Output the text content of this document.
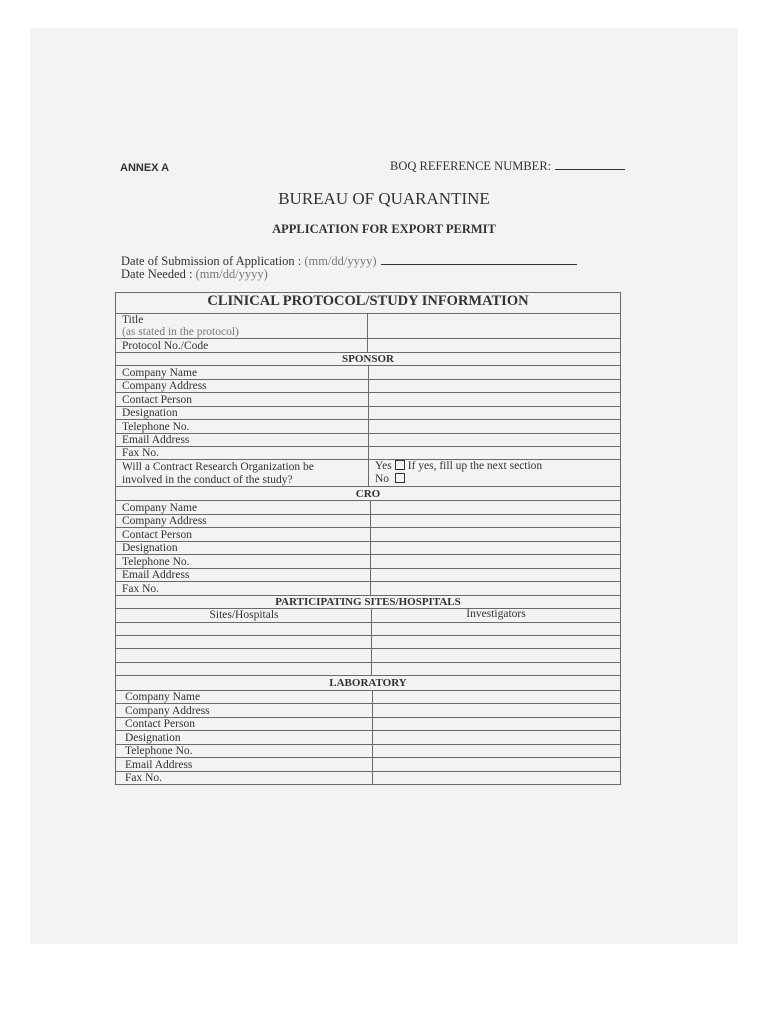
ANNEX A	BOQ REFERENCE NUMBER:
BUREAU OF QUARANTINE
APPLICATION FOR EXPORT PERMIT
Date of Submission of Application : (mm/dd/yyyy)
Date Needed : (mm/dd/yyyy)
CLINICAL PROTOCOL/STUDY INFORMATION
Title
(as stated in the protocol)
Protocol No./Code
SPONSOR
Company Name
Company Address
Contact Person
Designation
Telephone No.
Email Address
Fax No.
Will a Contract Research Organization be
involved in the conduct of the study?
Yes If yes, fill up the next section
No
CRO
Company Name
Company Address
Contact Person
Designation
Telephone No.
Email Address
Fax No.
PARTICIPATING SITES/HOSPITALS
Sites/Hospitals	Investigators
LABORATORY
Company Name
Company Address
Contact Person
Designation
Telephone No.
Email Address
Fax No.
